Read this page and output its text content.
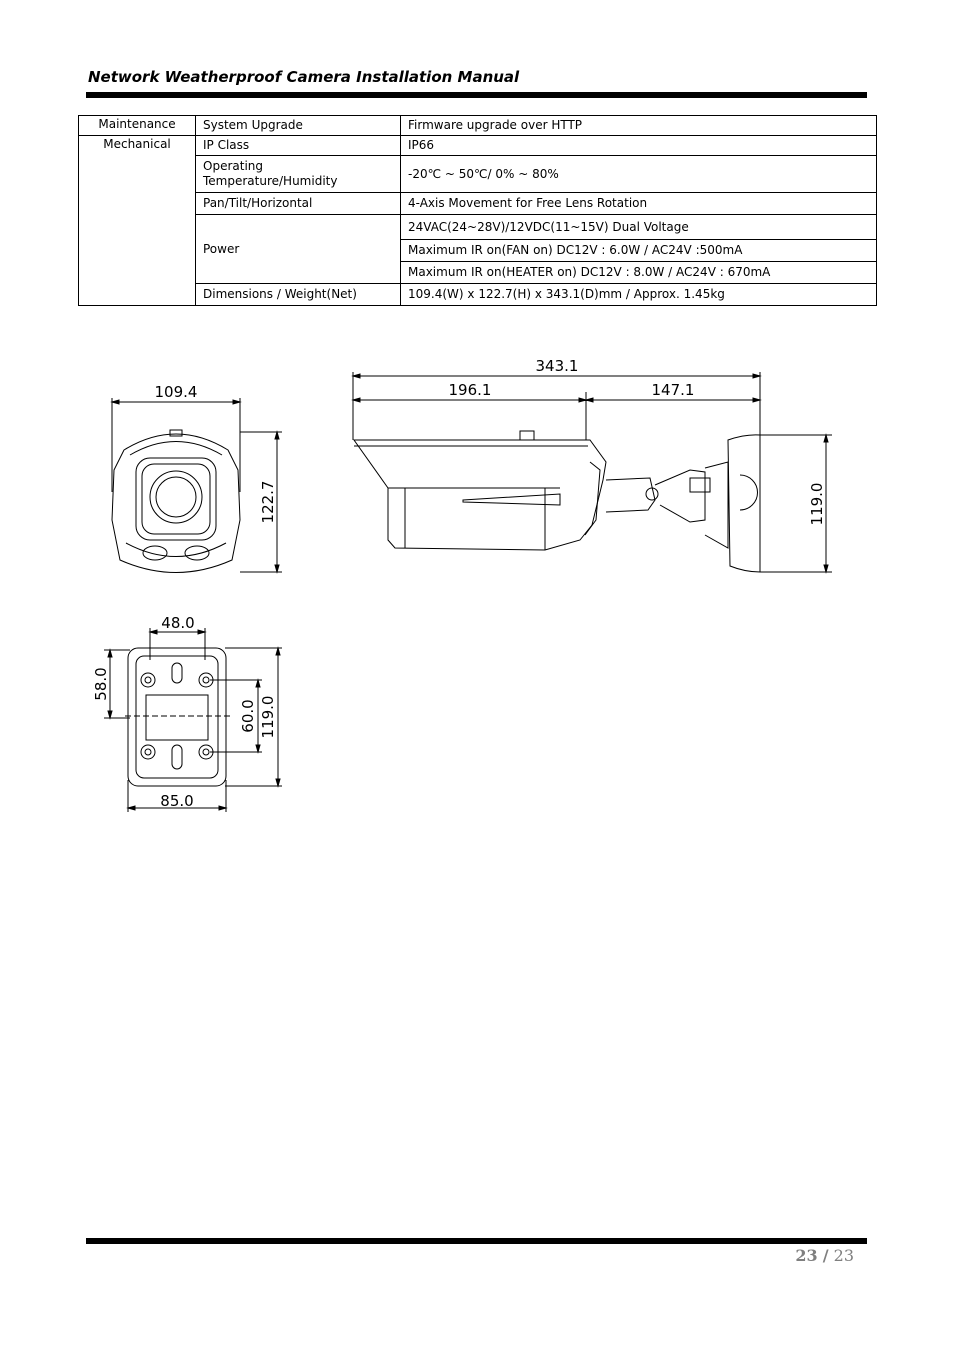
Network Weatherproof Camera Installation Manual
Maintenance	System Upgrade	Firmware upgrade over HTTP
Mechanical	IP Class	IP66

	Operating
Temperature/Humidity	-20℃ ~ 50℃/ 0% ~ 80%
	Pan/Tilt/Horizontal	4-Axis Movement for Free Lens Rotation
	Power	24VAC(24~28V)/12VDC(11~15V) Dual Voltage
		Maximum IR on(FAN on) DC12V : 6.0W / AC24V :500mA
		Maximum IR on(HEATER on) DC12V : 8.0W / AC24V : 670mA
	Dimensions / Weight(Net)	109.4(W) x 122.7(H) x 343.1(D)mm / Approx. 1.45kg
109.4
122.7
343.1
196.1	147.1
119.0
48.0
58.0
60.0 119.0
85.0
23 / 23
